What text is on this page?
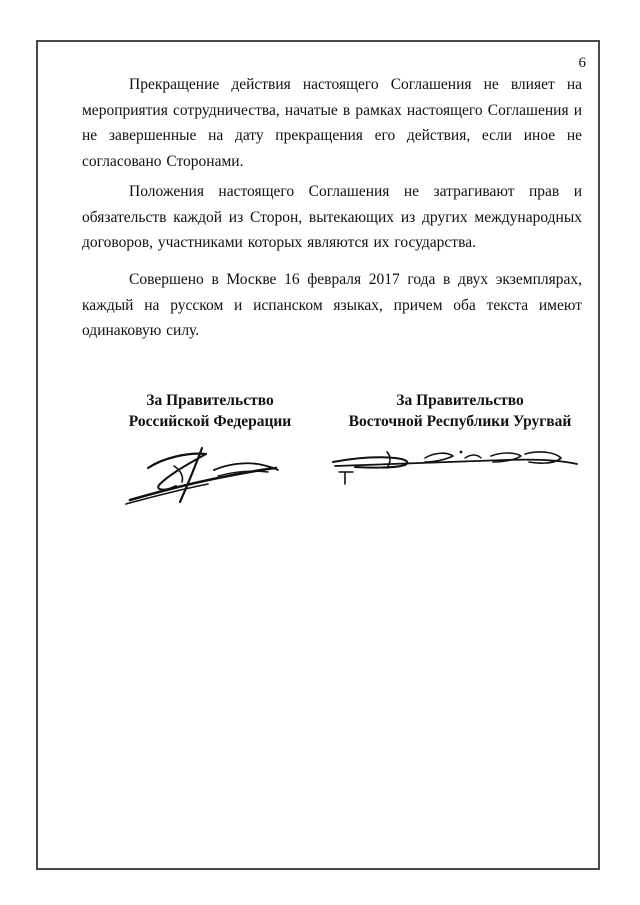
6

Прекращение действия настоящего Соглашения не влияет на мероприятия сотрудничества, начатые в рамках настоящего Соглашения и не завершенные на дату прекращения его действия, если иное не согласовано Сторонами.

Положения настоящего Соглашения не затрагивают прав и обязательств каждой из Сторон, вытекающих из других международных договоров, участниками которых являются их государства.

Совершено в Москве 16 февраля 2017 года в двух экземплярах, каждый на русском и испанском языках, причем оба текста имеют одинаковую силу.

За Правительство
Российской Федерации
За Правительство
Восточной Республики Уругвай
